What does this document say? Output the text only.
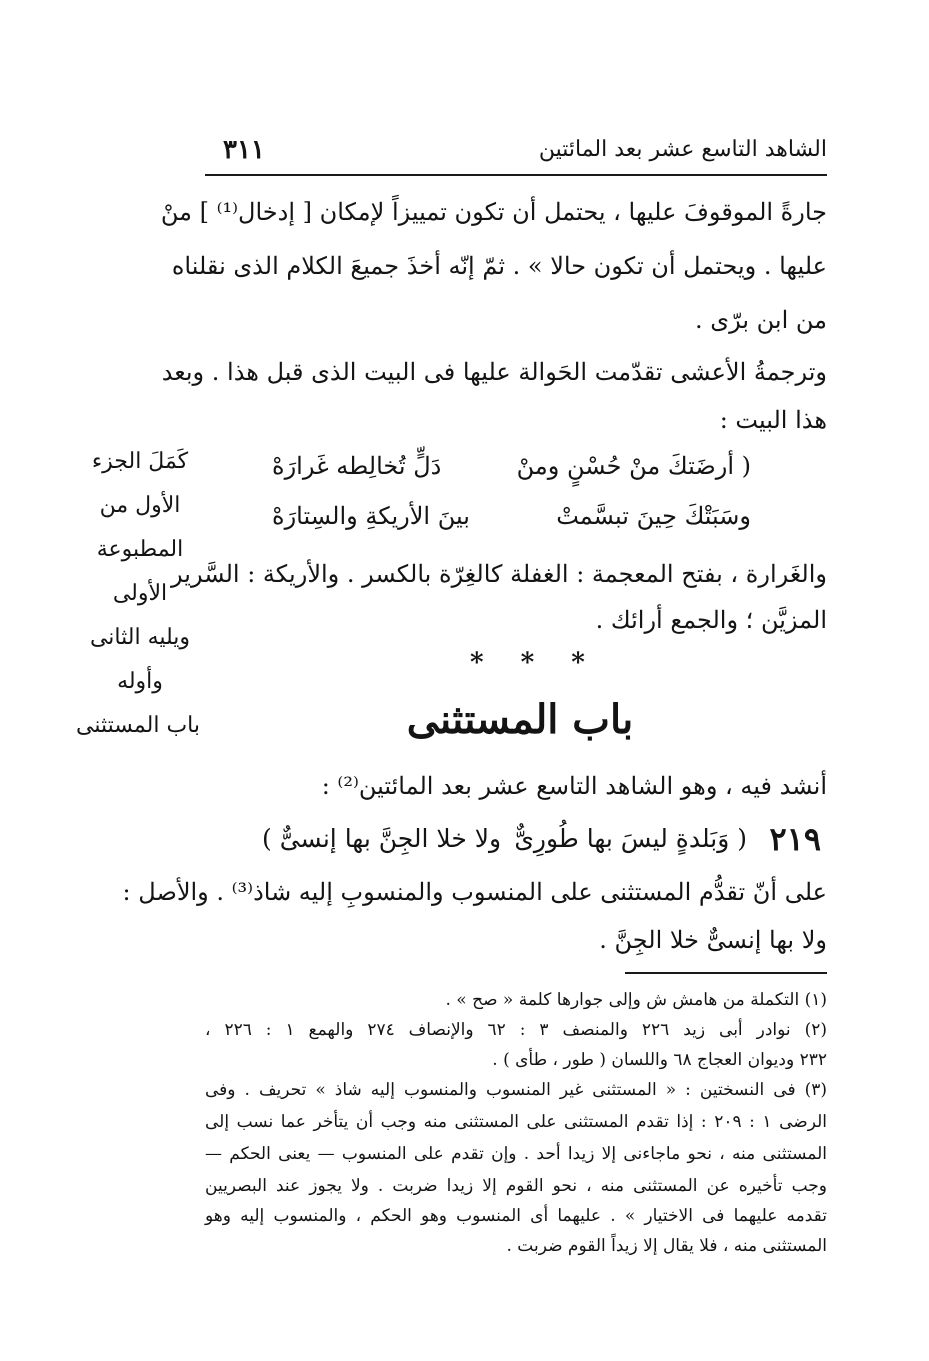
الشاهد التاسع عشر بعد المائتين
٣١١
جارةً الموقوفَ عليها ، يحتمل أن تكون تمييزاً لإمكان [ إدخال⁽¹⁾ ] منْ
عليها . ويحتمل أن تكون حالا » . ثمّ إنّه أخذَ جميعَ الكلام الذى نقلناه
من ابن برّى .
وترجمةُ الأعشى تقدّمت الحَوالة عليها فى البيت الذى قبل هذا . وبعد
هذا البيت :
كَمَلَ الجزء
الأول من
المطبوعة
الأولى
ويليه الثانى
وأوله
باب المستثنى
( أرضَتكَ منْ حُسْنٍ ومنْ
دَلٍّ تُخالِطه غَرارَهْ
وسَبَتْكَ حِينَ تبسَّمتْ
بينَ الأريكةِ والسِتارَهْ
والغَرارة ، بفتح المعجمة : الغفلة كالغِرّة بالكسر . والأريكة : السَّرير
المزيَّن ؛ والجمع أرائك .
* * *
باب المستثنى
أنشد فيه ، وهو الشاهد التاسع عشر بعد المائتين⁽²⁾ :
٢١٩
( وَبَلدةٍ ليسَ بها طُورِىٌّ
ولا خلا الجِنَّ بها إنسىٌّ )
على أنّ تقدُّم المستثنى على المنسوب والمنسوبِ إليه شاذ⁽³⁾ . والأصل :
ولا بها إنسىٌّ خلا الجِنَّ .
(١) التكملة من هامش ش وإلى جوارها كلمة « صح » .
(٢) نوادر أبى زيد ٢٢٦ والمنصف ٣ : ٦٢ والإنصاف ٢٧٤ والهمع ١ : ٢٢٦ ،
٢٣٢ وديوان العجاج ٦٨ واللسان ( طور ، طأى ) .
(٣) فى النسختين : « المستثنى غير المنسوب والمنسوب إليه شاذ » تحريف . وفى
الرضى ١ : ٢٠٩ : إذا تقدم المستثنى على المستثنى منه وجب أن يتأخر عما نسب إلى
المستثنى منه ، نحو ماجاءنى إلا زيدا أحد . وإن تقدم على المنسوب — يعنى الحكم —
وجب تأخيره عن المستثنى منه ، نحو القوم إلا زيدا ضربت . ولا يجوز عند البصريين
تقدمه عليهما فى الاختيار » . عليهما أى المنسوب وهو الحكم ، والمنسوب إليه وهو
المستثنى منه ، فلا يقال إلا زيداً القوم ضربت .
